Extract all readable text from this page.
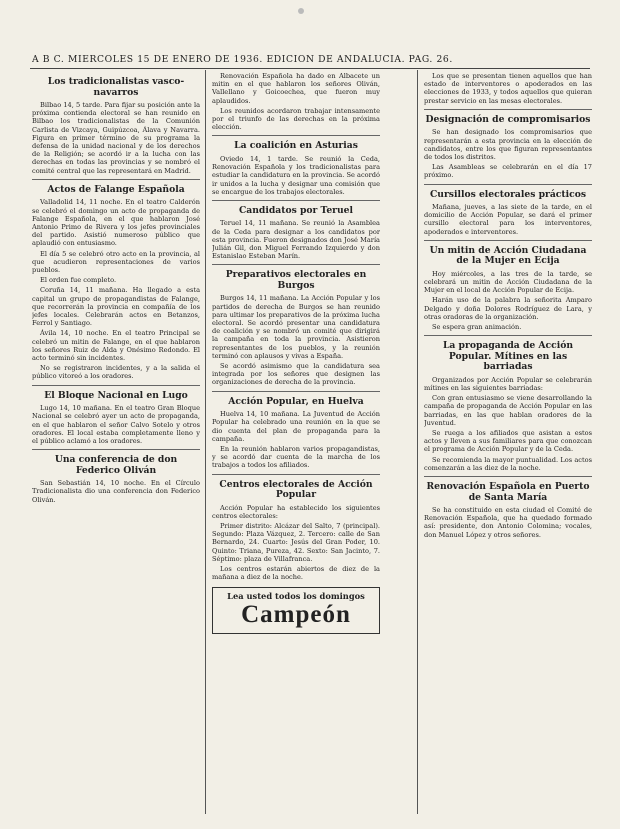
A B C. MIERCOLES 15 DE ENERO DE 1936. EDICION DE ANDALUCIA. PAG. 26.
Los tradicionalistas vasco-navarros

Bilbao 14, 5 tarde. Para fijar su posición ante la próxima contienda electoral se han reunido en Bilbao los tradicionalistas de la Comunión Carlista de Vizcaya, Guipúzcoa, Álava y Navarra. Figura en primer término de su programa la defensa de la unidad nacional y de los derechos de la Religión; se acordó ir a la lucha con las derechas en todas las provincias y se nombró el comité central que las representará en Madrid.

Actos de Falange Española

Valladolid 14, 11 noche. En el teatro Calderón se celebró el domingo un acto de propaganda de Falange Española, en el que hablaron José Antonio Primo de Rivera y los jefes provinciales del partido. Asistió numeroso público que aplaudió con entusiasmo.

El día 5 se celebró otro acto en la provincia, al que acudieron representaciones de varios pueblos.

El orden fue completo.

Coruña 14, 11 mañana. Ha llegado a esta capital un grupo de propagandistas de Falange, que recorrerán la provincia en compañía de los jefes locales. Celebrarán actos en Betanzos, Ferrol y Santiago.

Ávila 14, 10 noche. En el teatro Principal se celebró un mitin de Falange, en el que hablaron los señores Ruiz de Alda y Onésimo Redondo. El acto terminó sin incidentes.

No se registraron incidentes, y a la salida el público vitoreó a los oradores.

El Bloque Nacional en Lugo

Lugo 14, 10 mañana. En el teatro Gran Bloque Nacional se celebró ayer un acto de propaganda, en el que hablaron el señor Calvo Sotelo y otros oradores. El local estaba completamente lleno y el público aclamó a los oradores.

Una conferencia de don Federico Oliván

San Sebastián 14, 10 noche. En el Círculo Tradicionalista dio una conferencia don Federico Oliván.

Renovación Española ha dado en Albacete un mitin en el que hablaron los señores Oliván, Vallellano y Goicoechea, que fueron muy aplaudidos.

Los reunidos acordaron trabajar intensamente por el triunfo de las derechas en la próxima elección.

La coalición en Asturias

Oviedo 14, 1 tarde. Se reunió la Ceda, Renovación Española y los tradicionalistas para estudiar la candidatura en la provincia. Se acordó ir unidos a la lucha y designar una comisión que se encargue de los trabajos electorales.

Candidatos por Teruel

Teruel 14, 11 mañana. Se reunió la Asamblea de la Ceda para designar a los candidatos por esta provincia. Fueron designados don José María Julián Gil, don Miguel Ferrando Izquierdo y don Estanislao Esteban Marín.

Preparativos electorales en Burgos

Burgos 14, 11 mañana. La Acción Popular y los partidos de derecha de Burgos se han reunido para ultimar los preparativos de la próxima lucha electoral. Se acordó presentar una candidatura de coalición y se nombró un comité que dirigirá la campaña en toda la provincia. Asistieron representantes de los pueblos, y la reunión terminó con aplausos y vivas a España.

Se acordó asimismo que la candidatura sea integrada por los señores que designen las organizaciones de derecha de la provincia.

Acción Popular, en Huelva

Huelva 14, 10 mañana. La Juventud de Acción Popular ha celebrado una reunión en la que se dio cuenta del plan de propaganda para la campaña.

En la reunión hablaron varios propagandistas, y se acordó dar cuenta de la marcha de los trabajos a todos los afiliados.

Centros electorales de Acción Popular

Acción Popular ha establecido los siguientes centros electorales:

Primer distrito: Alcázar del Salto, 7 (principal). Segundo: Plaza Vázquez, 2. Tercero: calle de San Bernardo, 24. Cuarto: Jesús del Gran Poder, 10. Quinto: Triana, Pureza, 42. Sexto: San Jacinto, 7. Séptimo: plaza de Villafranca.

Los centros estarán abiertos de diez de la mañana a diez de la noche.

Lea usted todos los domingos
Campeón

Los que se presentan tienen aquellos que han estado de interventores o apoderados en las elecciones de 1933, y todos aquellos que quieran prestar servicio en las mesas electorales.

Designación de compromisarios

Se han designado los compromisarios que representarán a esta provincia en la elección de candidatos, entre los que figuran representantes de todos los distritos.

Las Asambleas se celebrarán en el día 17 próximo.

Cursillos electorales prácticos

Mañana, jueves, a las siete de la tarde, en el domicilio de Acción Popular, se dará el primer cursillo electoral para los interventores, apoderados e interventores.

Un mitin de Acción Ciudadana de la Mujer en Ecija

Hoy miércoles, a las tres de la tarde, se celebrará un mitin de Acción Ciudadana de la Mujer en el local de Acción Popular de Ecija.

Harán uso de la palabra la señorita Amparo Delgado y doña Dolores Rodríguez de Lara, y otras oradoras de la organización.

Se espera gran animación.

La propaganda de Acción Popular. Mítines en las barriadas

Organizados por Acción Popular se celebrarán mítines en las siguientes barriadas:

Con gran entusiasmo se viene desarrollando la campaña de propaganda de Acción Popular en las barriadas, en las que hablan oradores de la Juventud.

Se ruega a los afiliados que asistan a estos actos y lleven a sus familiares para que conozcan el programa de Acción Popular y de la Ceda.

Se recomienda la mayor puntualidad. Los actos comenzarán a las diez de la noche.

Renovación Española en Puerto de Santa María

Se ha constituido en esta ciudad el Comité de Renovación Española, que ha quedado formado así: presidente, don Antonio Colomina; vocales, don Manuel López y otros señores.
